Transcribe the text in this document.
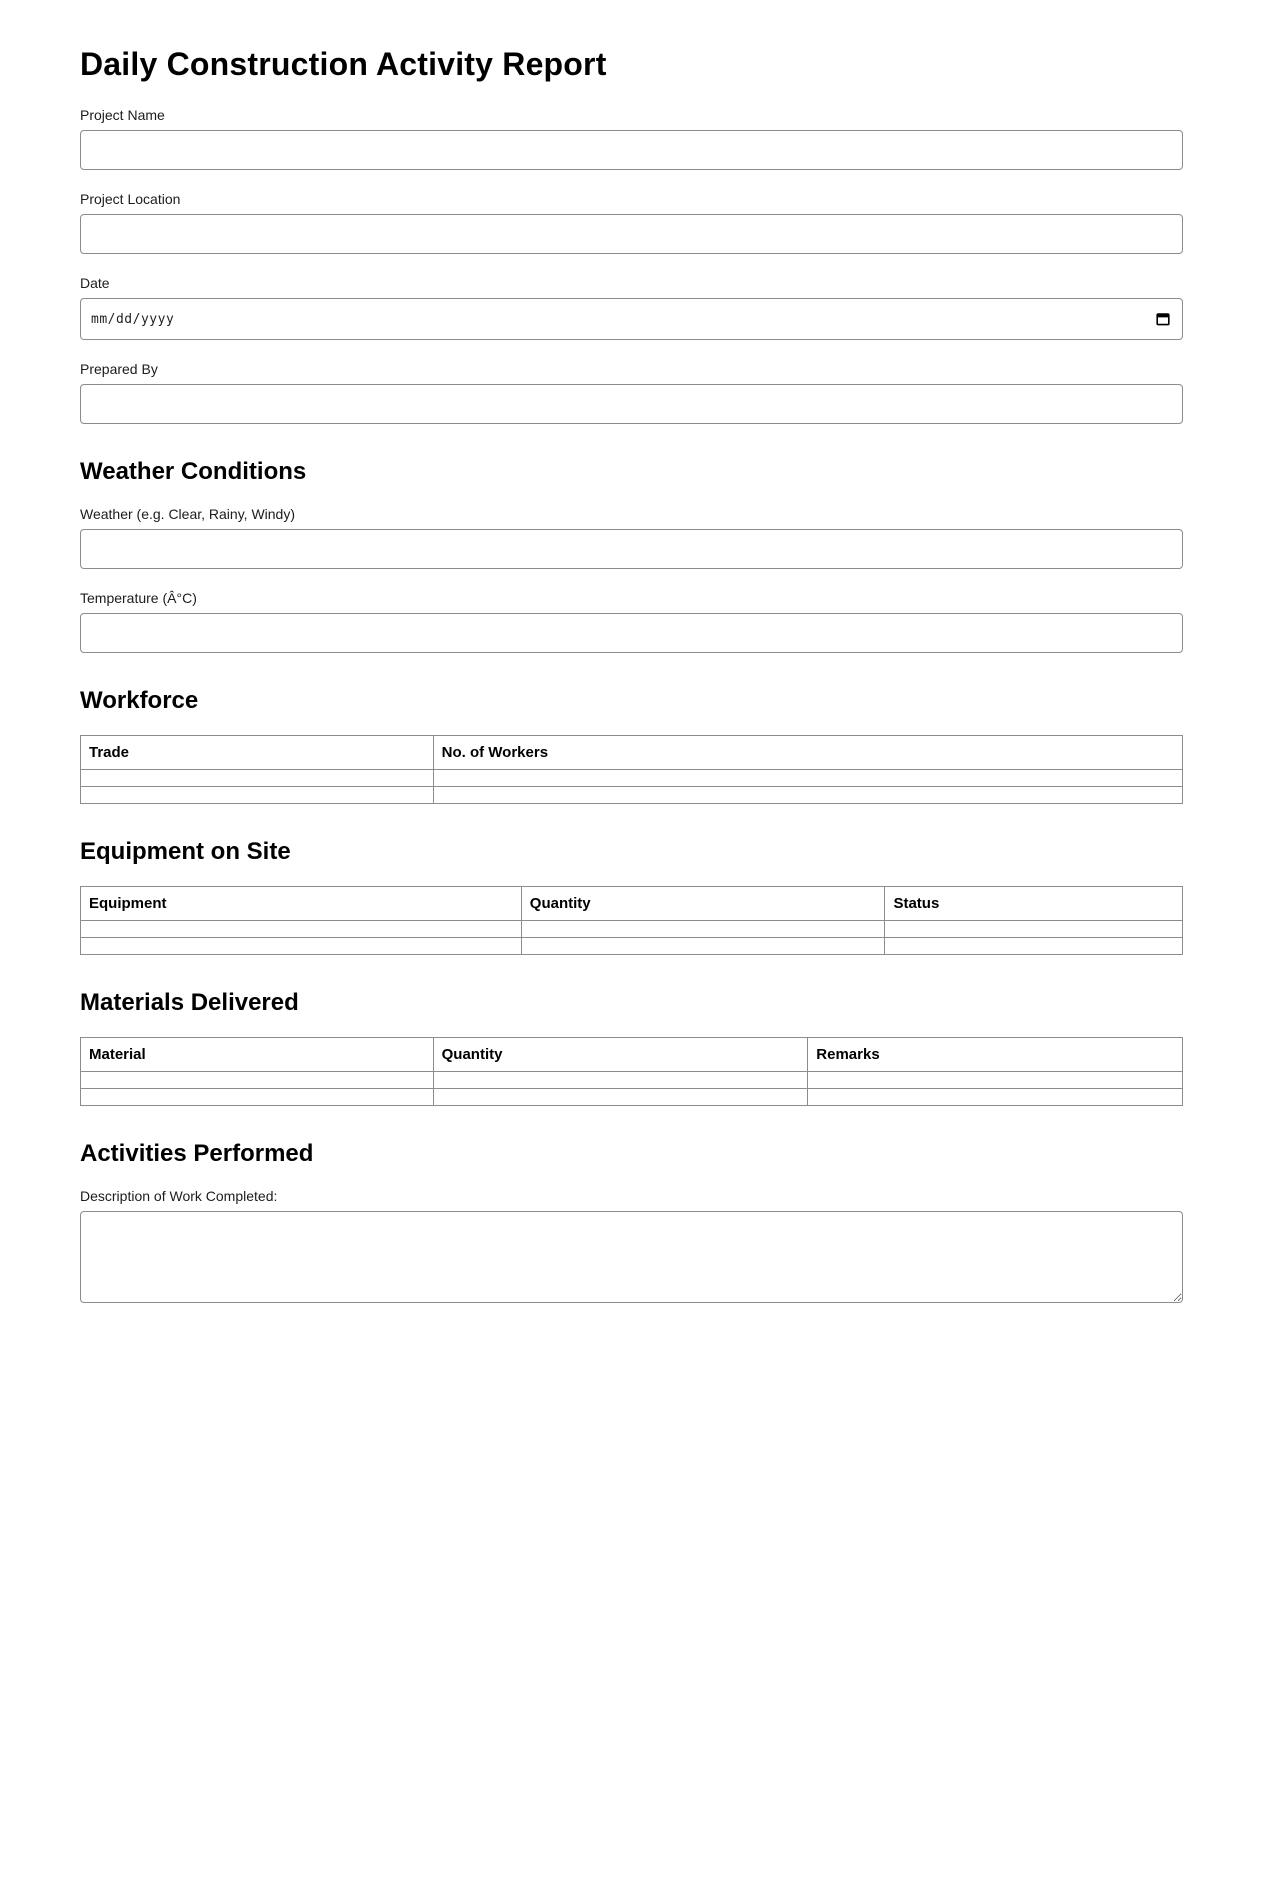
Daily Construction Activity Report
Project Name
Project Location
Date
mm/dd/yyyy
Prepared By
Weather Conditions
Weather (e.g. Clear, Rainy, Windy)
Temperature (Â°C)
Workforce
Trade	No. of Workers

Equipment on Site
Equipment	Quantity	Status

Materials Delivered
Material	Quantity	Remarks

Activities Performed
Description of Work Completed:
